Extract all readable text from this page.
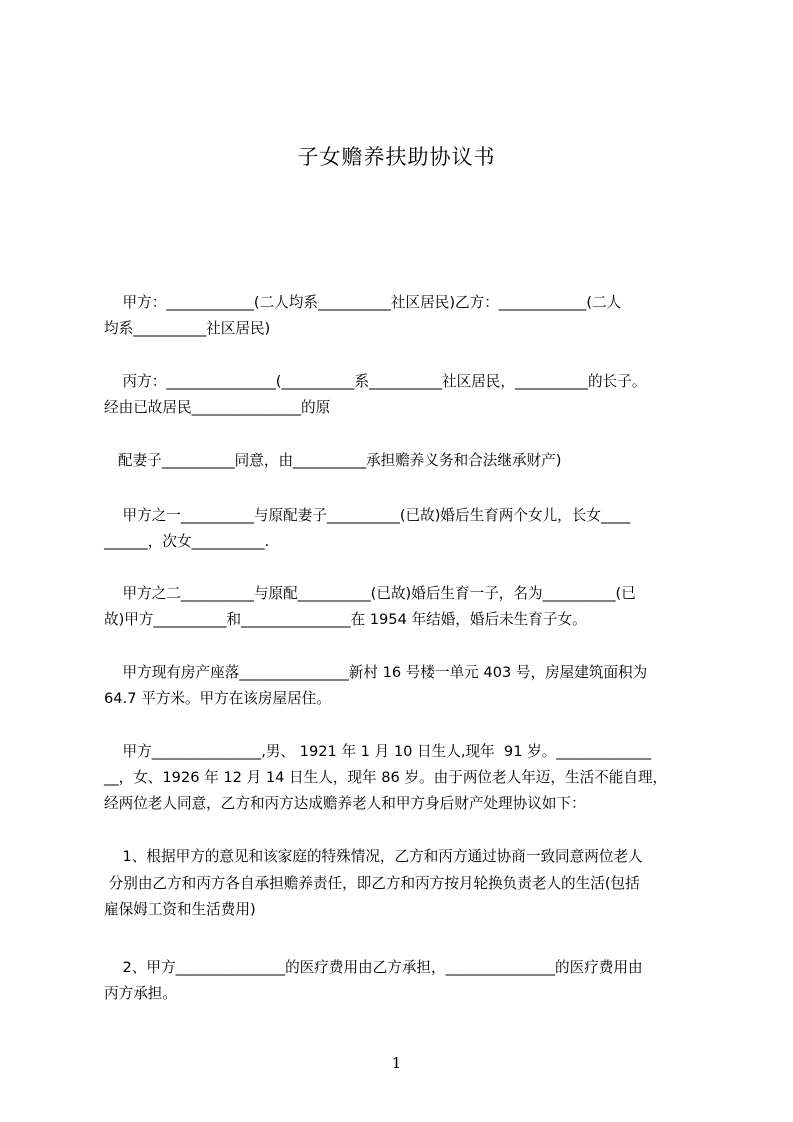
子女赡养扶助协议书
甲方：____________(二人均系__________社区居民)乙方：____________(二人
均系__________社区居民)
丙方：_______________(__________系__________社区居民，__________的长子。
经由已故居民_______________的原
配妻子__________同意，由__________承担赡养义务和合法继承财产)
甲方之一__________与原配妻子__________(已故)婚后生育两个女儿，长女____
______，次女__________.
甲方之二__________与原配__________(已故)婚后生育一子，名为__________(已
故)甲方__________和_______________在 1954 年结婚，婚后未生育子女。
甲方现有房产座落_______________新村 16 号楼一单元 403 号，房屋建筑面积为
64.7 平方米。甲方在该房屋居住。
甲方_______________,男、 1921 年 1 月 10 日生人,现年  91 岁。_____________
__，女、1926 年 12 月 14 日生人，现年 86 岁。由于两位老人年迈，生活不能自理，
经两位老人同意，乙方和丙方达成赡养老人和甲方身后财产处理协议如下：
1、根据甲方的意见和该家庭的特殊情况，乙方和丙方通过协商一致同意两位老人
分别由乙方和丙方各自承担赡养责任，即乙方和丙方按月轮换负责老人的生活(包括
雇保姆工资和生活费用)
2、甲方_______________的医疗费用由乙方承担，_______________的医疗费用由
丙方承担。
1
